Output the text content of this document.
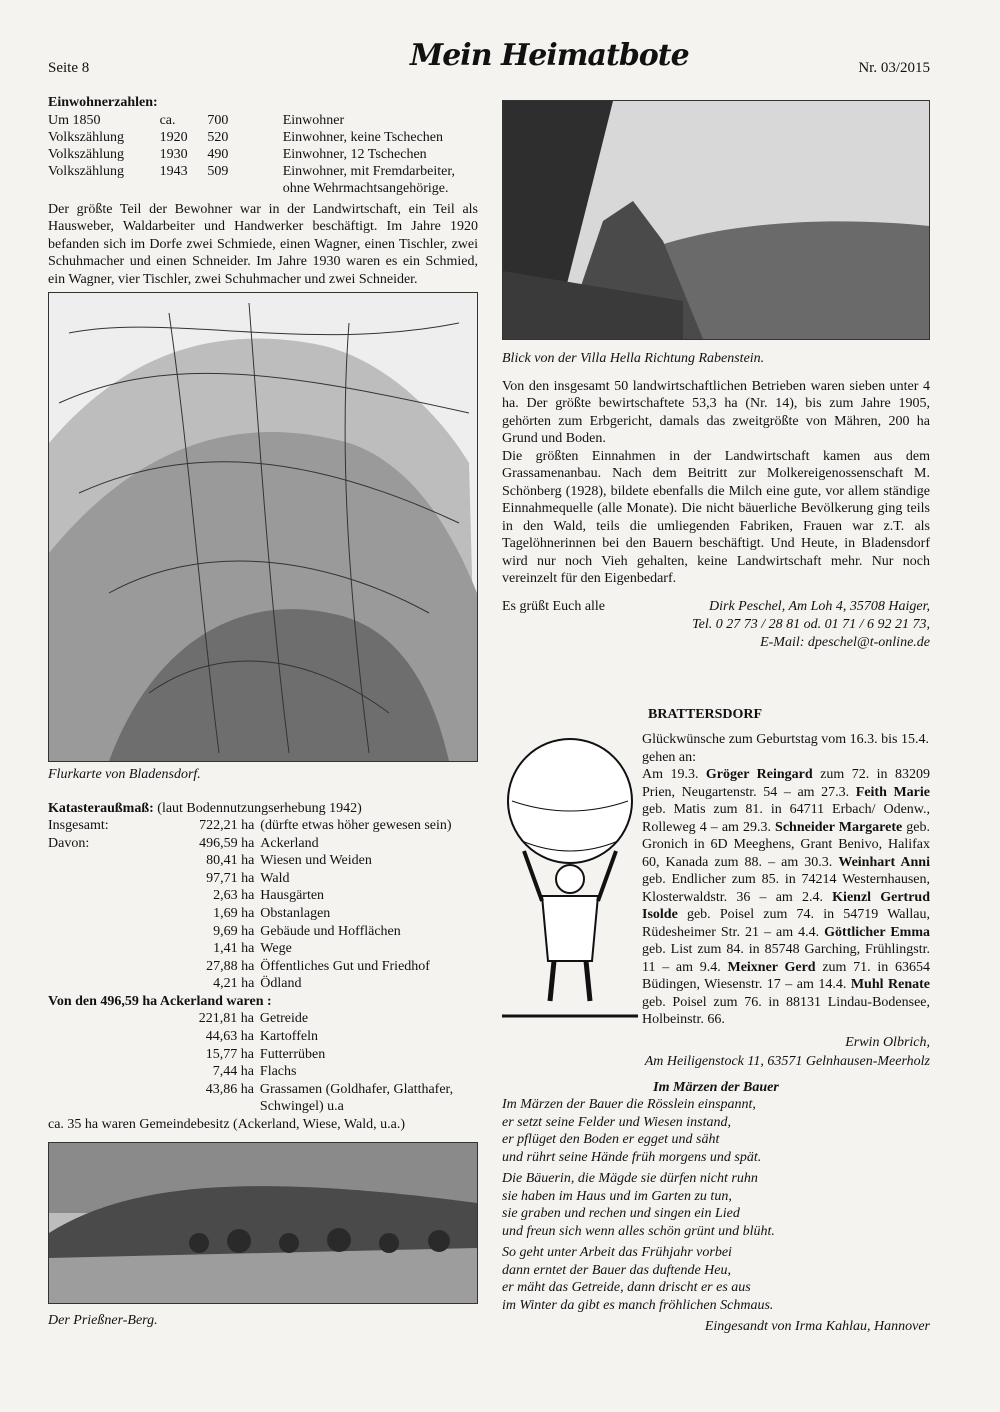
Seite 8	Mein Heimatbote	Nr. 03/2015
Einwohnerzahlen:
Um 1850	ca.	700	Einwohner
Volkszählung	1920	520	Einwohner, keine Tschechen
Volkszählung	1930	490	Einwohner, 12 Tschechen
Volkszählung	1943	509	Einwohner, mit Fremdarbeiter, ohne Wehrmachtsangehörige.

Der größte Teil der Bewohner war in der Landwirtschaft, ein Teil als Hausweber, Waldarbeiter und Handwerker beschäftigt. Im Jahre 1920 befanden sich im Dorfe zwei Schmiede, einen Wagner, einen Tischler, zwei Schuhmacher und einen Schneider. Im Jahre 1930 waren es ein Schmied, ein Wagner, vier Tischler, zwei Schuhmacher und zwei Schneider.

Flurkarte von Bladensdorf.
Katasteraußmaß: (laut Bodennutzungserhebung 1942)
Insgesamt:	722,21 ha	(dürfte etwas höher gewesen sein)
Davon:	496,59 ha	Ackerland
	80,41 ha	Wiesen und Weiden
	97,71 ha	Wald
	2,63 ha	Hausgärten
	1,69 ha	Obstanlagen
	9,69 ha	Gebäude und Hofflächen
	1,41 ha	Wege
	27,88 ha	Öffentliches Gut und Friedhof
	4,21 ha	Ödland
Von den 496,59 ha Ackerland waren :
221,81 ha	Getreide
44,63 ha	Kartoffeln
15,77 ha	Futterrüben
7,44 ha	Flachs
43,86 ha	Grassamen (Goldhafer, Glatthafer, Schwingel) u.a
ca. 35 ha waren Gemeindebesitz (Ackerland, Wiese, Wald, u.a.)
Der Prießner-Berg.
Blick von der Villa Hella Richtung Rabenstein.

Von den insgesamt 50 landwirtschaftlichen Betrieben waren sieben unter 4 ha. Der größte bewirtschaftete 53,3 ha (Nr. 14), bis zum Jahre 1905, gehörten zum Erbgericht, damals das zweitgrößte von Mähren, 200 ha Grund und Boden.

Die größten Einnahmen in der Landwirtschaft kamen aus dem Grassamenanbau. Nach dem Beitritt zur Molkereigenossenschaft M. Schönberg (1928), bildete ebenfalls die Milch eine gute, vor allem ständige Einnahmequelle (alle Monate). Die nicht bäuerliche Bevölkerung ging teils in den Wald, teils die umliegenden Fabriken, Frauen war z.T. als Tagelöhnerinnen bei den Bauern beschäftigt. Und Heute, in Bladensdorf wird nur noch Vieh gehalten, keine Landwirtschaft mehr. Nur noch vereinzelt für den Eigenbedarf.

Es grüßt Euch alle	Dirk Peschel, Am Loh 4, 35708 Haiger,
Tel. 0 27 73 / 28 81 od. 01 71 / 6 92 21 73,
E-Mail: dpeschel@t-online.de
BRATTERSDORF

Glückwünsche zum Geburtstag vom 16.3. bis 15.4. gehen an:

Am 19.3. Gröger Reingard zum 72. in 83209 Prien, Neugartenstr. 54 – am 27.3. Feith Marie geb. Matis zum 81. in 64711 Erbach/ Odenw., Rolleweg 4 – am 29.3. Schneider Margarete geb. Gronich in 6D Meeghens, Grant Benivo, Halifax 60, Kanada zum 88. – am 30.3. Weinhart Anni geb. Endlicher zum 85. in 74214 Westernhausen, Klosterwaldstr. 36 – am 2.4. Kienzl Gertrud Isolde geb. Poisel zum 74. in 54719 Wallau, Rüdesheimer Str. 21 – am 4.4. Göttlicher Emma geb. List zum 84. in 85748 Garching, Frühlingstr. 11 – am 9.4. Meixner Gerd zum 71. in 63654 Büdingen, Wiesenstr. 17 – am 14.4. Muhl Renate geb. Poisel zum 76. in 88131 Lindau-Bodensee, Holbeinstr. 66.

Erwin Olbrich,
Am Heiligenstock 11, 63571 Gelnhausen-Meerholz

Im Märzen der Bauer

Im Märzen der Bauer die Rösslein einspannt,

er setzt seine Felder und Wiesen instand,

er pflüget den Boden er egget und säht

und rührt seine Hände früh morgens und spät.

Die Bäuerin, die Mägde sie dürfen nicht ruhn

sie haben im Haus und im Garten zu tun,

sie graben und rechen und singen ein Lied

und freun sich wenn alles schön grünt und blüht.

So geht unter Arbeit das Frühjahr vorbei

dann erntet der Bauer das duftende Heu,

er mäht das Getreide, dann drischt er es aus

im Winter da gibt es manch fröhlichen Schmaus.

Eingesandt von Irma Kahlau, Hannover
